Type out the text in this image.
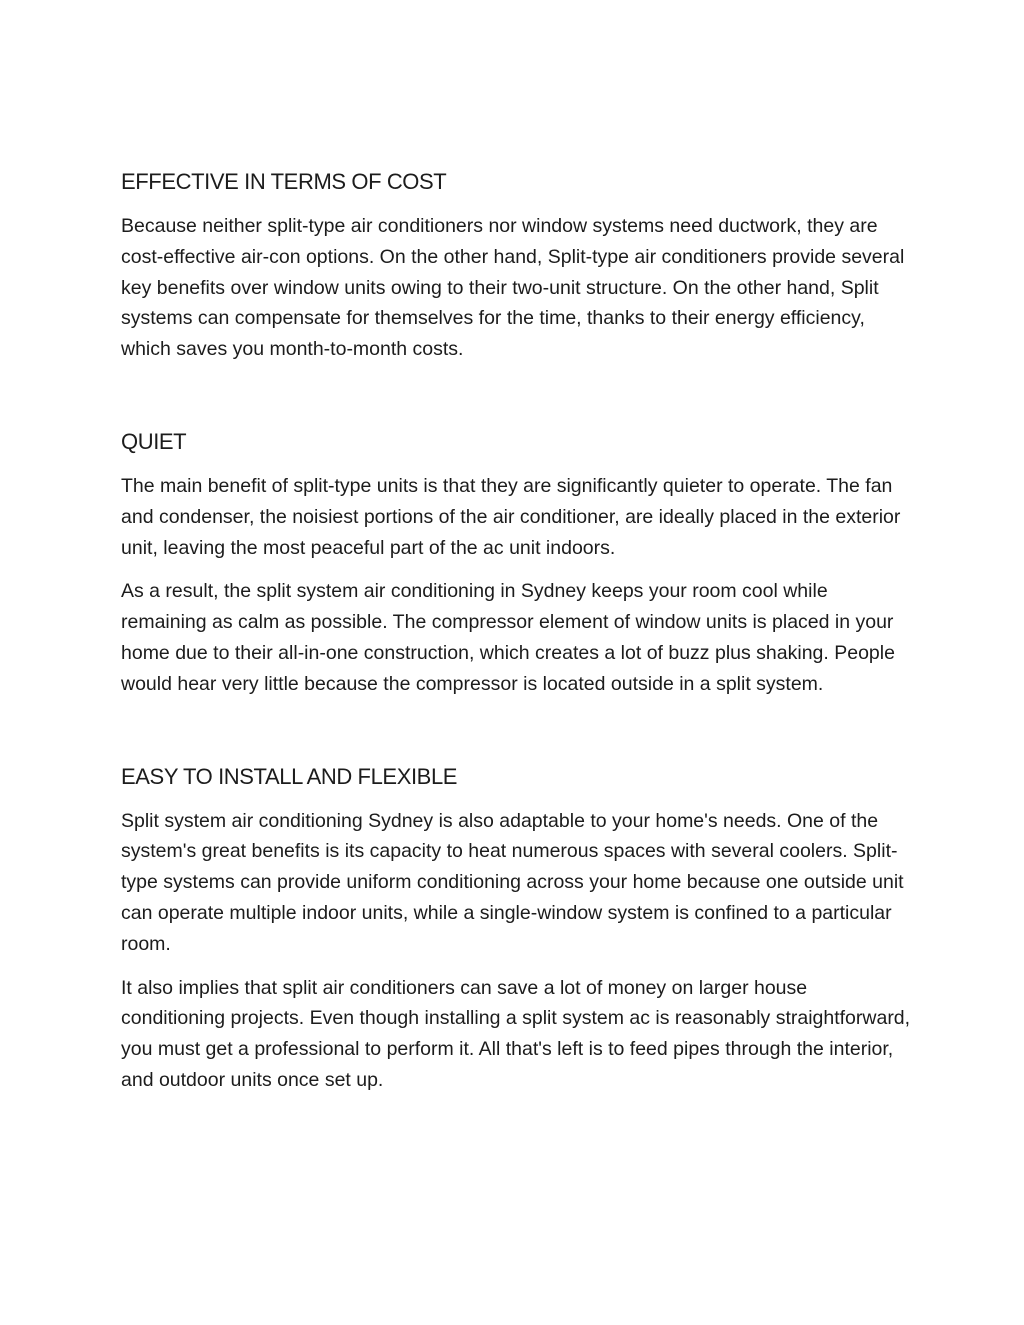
EFFECTIVE IN TERMS OF COST

Because neither split-type air conditioners nor window systems need ductwork, they are cost-effective air-con options. On the other hand, Split-type air conditioners provide several key benefits over window units owing to their two-unit structure. On the other hand, Split systems can compensate for themselves for the time, thanks to their energy efficiency, which saves you month-to-month costs.

QUIET

The main benefit of split-type units is that they are significantly quieter to operate. The fan and condenser, the noisiest portions of the air conditioner, are ideally placed in the exterior unit, leaving the most peaceful part of the ac unit indoors.

As a result, the split system air conditioning in Sydney keeps your room cool while remaining as calm as possible. The compressor element of window units is placed in your home due to their all-in-one construction, which creates a lot of buzz plus shaking. People would hear very little because the compressor is located outside in a split system.

EASY TO INSTALL AND FLEXIBLE

Split system air conditioning Sydney is also adaptable to your home's needs. One of the system's great benefits is its capacity to heat numerous spaces with several coolers. Split-type systems can provide uniform conditioning across your home because one outside unit can operate multiple indoor units, while a single-window system is confined to a particular room.

It also implies that split air conditioners can save a lot of money on larger house conditioning projects. Even though installing a split system ac is reasonably straightforward, you must get a professional to perform it. All that's left is to feed pipes through the interior, and outdoor units once set up.
